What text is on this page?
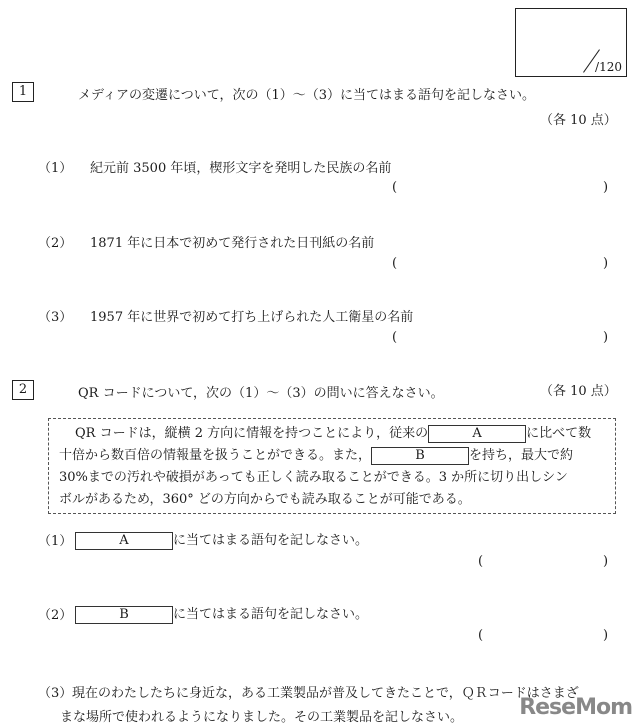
/120
1	メディアの変遷について，次の（1）～（3）に当てはまる語句を記しなさい。
（各 10 点）
（1） 紀元前 3500 年頃，楔形文字を発明した民族の名前
(	)
（2） 1871 年に日本で初めて発行された日刊紙の名前
(	)
（3） 1957 年に世界で初めて打ち上げられた人工衛星の名前
(	)
2	QR コードについて，次の（1）～（3）の問いに答えなさい。	（各 10 点）

QR コードは，縦横 2 方向に情報を持つことにより，従来の	A	に比べて数

十倍から数百倍の情報量を扱うことができる。また，	B	を持ち，最大で約

30%までの汚れや破損があっても正しく読み取ることができる。3 か所に切り出しシン

ボルがあるため，360° どの方向からでも読み取ることが可能である。

（1）	A	に当てはまる語句を記しなさい。
(	)
（2）	B	に当てはまる語句を記しなさい。
(	)
（3） 現在のわたしたちに身近な，ある工業製品が普及してきたことで，ＱＲコードはさまざ
まな場所で使われるようになりました。その工業製品を記しなさい。	ReseMom
